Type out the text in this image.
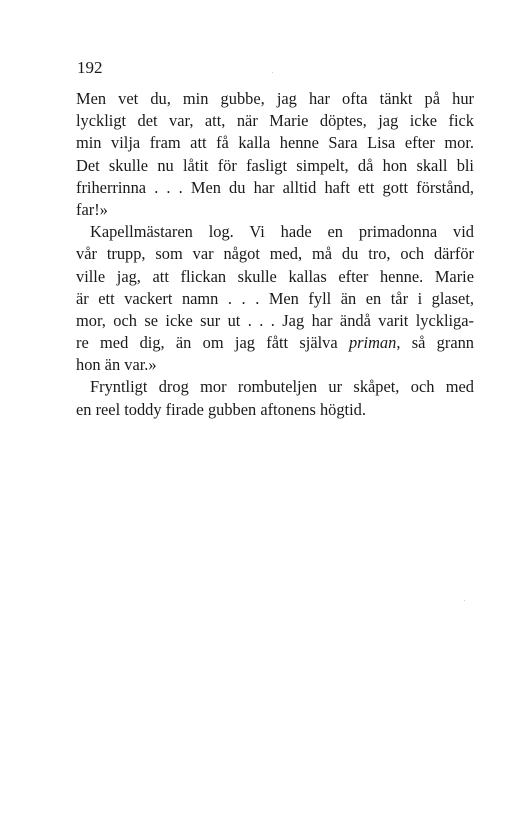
192
Men vet du, min gubbe, jag har ofta tänkt på hur
lyckligt det var, att, när Marie döptes, jag icke fick
min vilja fram att få kalla henne Sara Lisa efter mor.
Det skulle nu låtit för fasligt simpelt, då hon skall bli
friherrinna . . . Men du har alltid haft ett gott förstånd,
far!»
Kapellmästaren log. Vi hade en primadonna vid
vår trupp, som var något med, må du tro, och därför
ville jag, att flickan skulle kallas efter henne. Marie
är ett vackert namn . . . Men fyll än en tår i glaset,
mor, och se icke sur ut . . . Jag har ändå varit lyckliga-
re med dig, än om jag fått själva priman, så grann
hon än var.»
Fryntligt drog mor rombuteljen ur skåpet, och med
en reel toddy firade gubben aftonens högtid.
